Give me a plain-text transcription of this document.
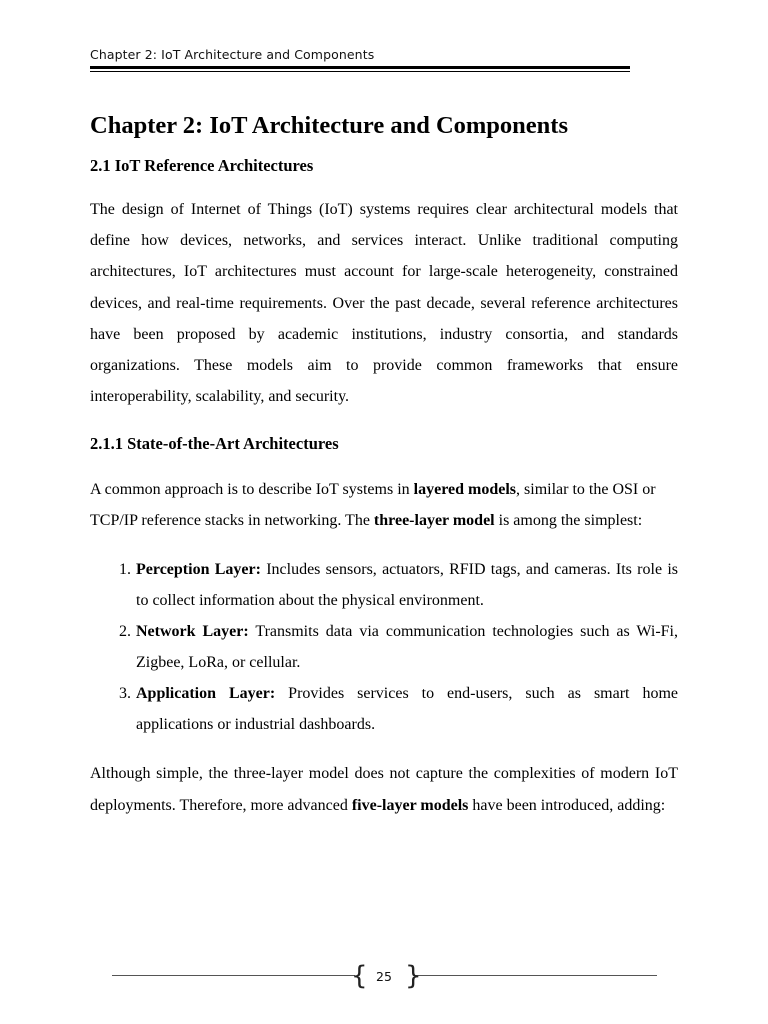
Chapter 2: IoT Architecture and Components
Chapter 2: IoT Architecture and Components
2.1 IoT Reference Architectures

The design of Internet of Things (IoT) systems requires clear architectural models that define how devices, networks, and services interact. Unlike traditional computing architectures, IoT architectures must account for large-scale heterogeneity, constrained devices, and real-time requirements. Over the past decade, several reference architectures have been proposed by academic institutions, industry consortia, and standards organizations. These models aim to provide common frameworks that ensure interoperability, scalability, and security.

2.1.1 State-of-the-Art Architectures

A common approach is to describe IoT systems in layered models, similar to the OSI or TCP/IP reference stacks in networking. The three-layer model is among the simplest:

1. Perception Layer: Includes sensors, actuators, RFID tags, and cameras. Its role is to collect information about the physical environment.
2. Network Layer: Transmits data via communication technologies such as Wi-Fi, Zigbee, LoRa, or cellular.
3. Application Layer: Provides services to end-users, such as smart home applications or industrial dashboards.

Although simple, the three-layer model does not capture the complexities of modern IoT deployments. Therefore, more advanced five-layer models have been introduced, adding:

{ }
25
